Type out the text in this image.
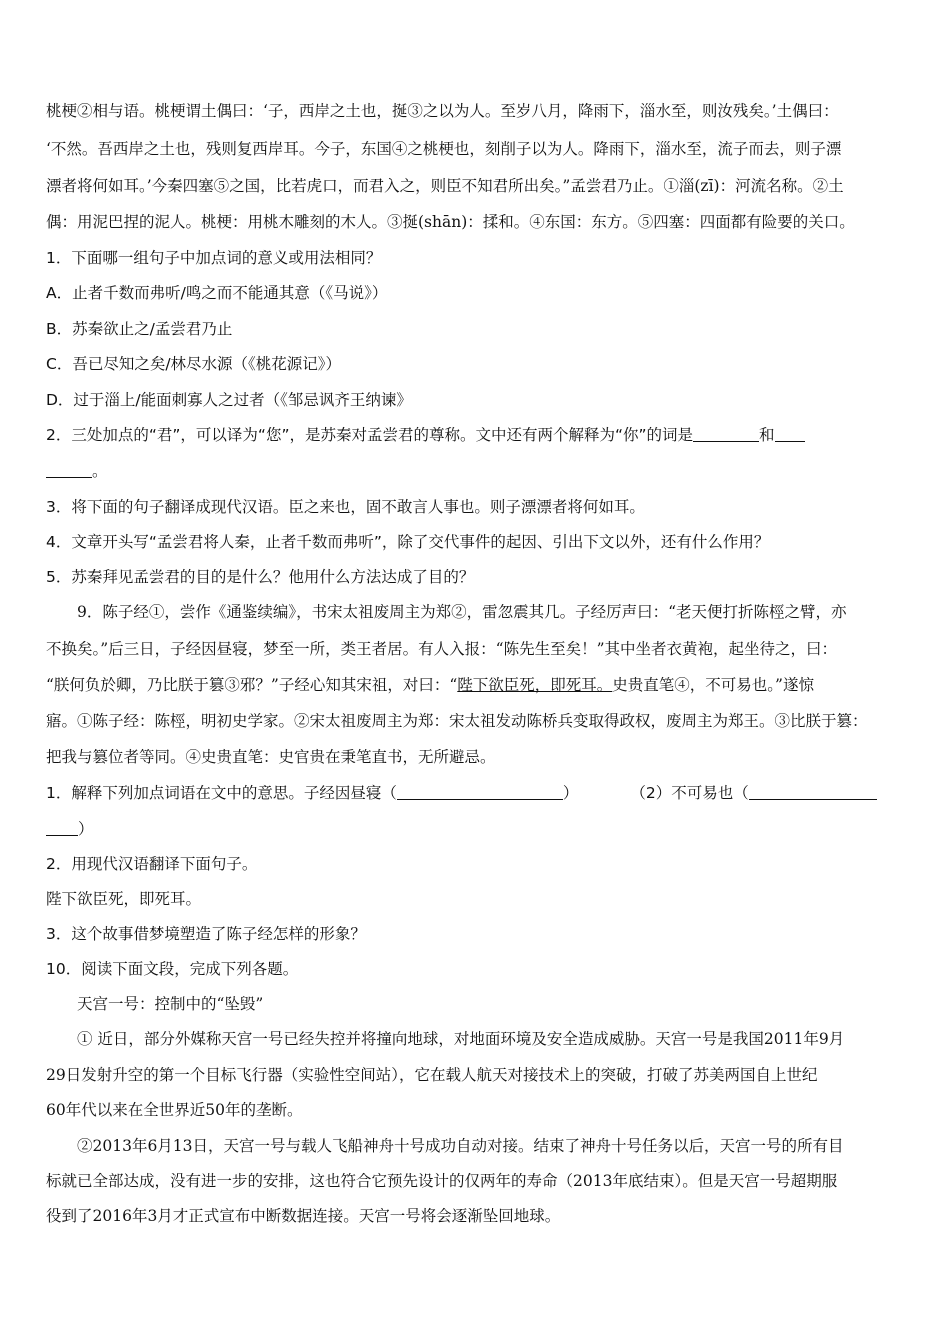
桃梗②相与语。桃梗谓土偶曰：‘子，西岸之土也，挻③之以为人。至岁八月，降雨下，淄水至，则汝残矣。’土偶曰：
‘不然。吾西岸之土也，残则复西岸耳。今子，东国④之桃梗也，刻削子以为人。降雨下，淄水至，流子而去，则子漂
漂者将何如耳。’今秦四塞⑤之国，比若虎口，而君入之，则臣不知君所出矣。”孟尝君乃止。①淄(zī)：河流名称。②土
偶：用泥巴捏的泥人。桃梗：用桃木雕刻的木人。③挻(shān)：揉和。④东国：东方。⑤四塞：四面都有险要的关口。
1．下面哪一组句子中加点词的意义或用法相同？
A．止者千数而弗听/鸣之而不能通其意（《马说》）
B．苏秦欲止之/孟尝君乃止
C．吾已尽知之矣/林尽水源（《桃花源记》）
D．过于淄上/能面刺寡人之过者（《邹忌讽齐王纳谏》
2．三处加点的“君”，可以译为“您”，是苏秦对孟尝君的尊称。文中还有两个解释为“你”的词是	和
。
3．将下面的句子翻译成现代汉语。臣之来也，固不敢言人事也。则子漂漂者将何如耳。
4．文章开头写“孟尝君将人秦，止者千数而弗听”，除了交代事件的起因、引出下文以外，还有什么作用？
5．苏秦拜见孟尝君的目的是什么？他用什么方法达成了目的？
9．陈子经①，尝作《通鉴续编》，书宋太祖废周主为郑②，雷忽震其几。子经厉声曰：“老天便打折陈桱之臂，亦
不换矣。”后三日，子经因昼寝，梦至一所，类王者居。有人入报：“陈先生至矣！”其中坐者衣黄袍，起坐待之，曰：
“朕何负於卿，乃比朕于篡③邪？”子经心知其宋祖，对曰：“陛下欲臣死，即死耳。史贵直笔④，不可易也。”遂惊
寤。①陈子经：陈桱，明初史学家。②宋太祖废周主为郑：宋太祖发动陈桥兵变取得政权，废周主为郑王。③比朕于篡：
把我与篡位者等同。④史贵直笔：史官贵在秉笔直书，无所避忌。
1．解释下列加点词语在文中的意思。子经因昼寝（	）	（2）不可易也（
）
2．用现代汉语翻译下面句子。
陛下欲臣死，即死耳。
3．这个故事借梦境塑造了陈子经怎样的形象？
10．阅读下面文段，完成下列各题。
天宫一号：控制中的“坠毁”
① 近日，部分外媒称天宫一号已经失控并将撞向地球，对地面环境及安全造成威胁。天宫一号是我国2011年9月
29日发射升空的第一个目标飞行器（实验性空间站），它在载人航天对接技术上的突破，打破了苏美两国自上世纪
60年代以来在全世界近50年的垄断。
②2013年6月13日，天宫一号与载人飞船神舟十号成功自动对接。结束了神舟十号任务以后，天宫一号的所有目
标就已全部达成，没有进一步的安排，这也符合它预先设计的仅两年的寿命（2013年底结束）。但是天宫一号超期服
役到了2016年3月才正式宣布中断数据连接。天宫一号将会逐渐坠回地球。
